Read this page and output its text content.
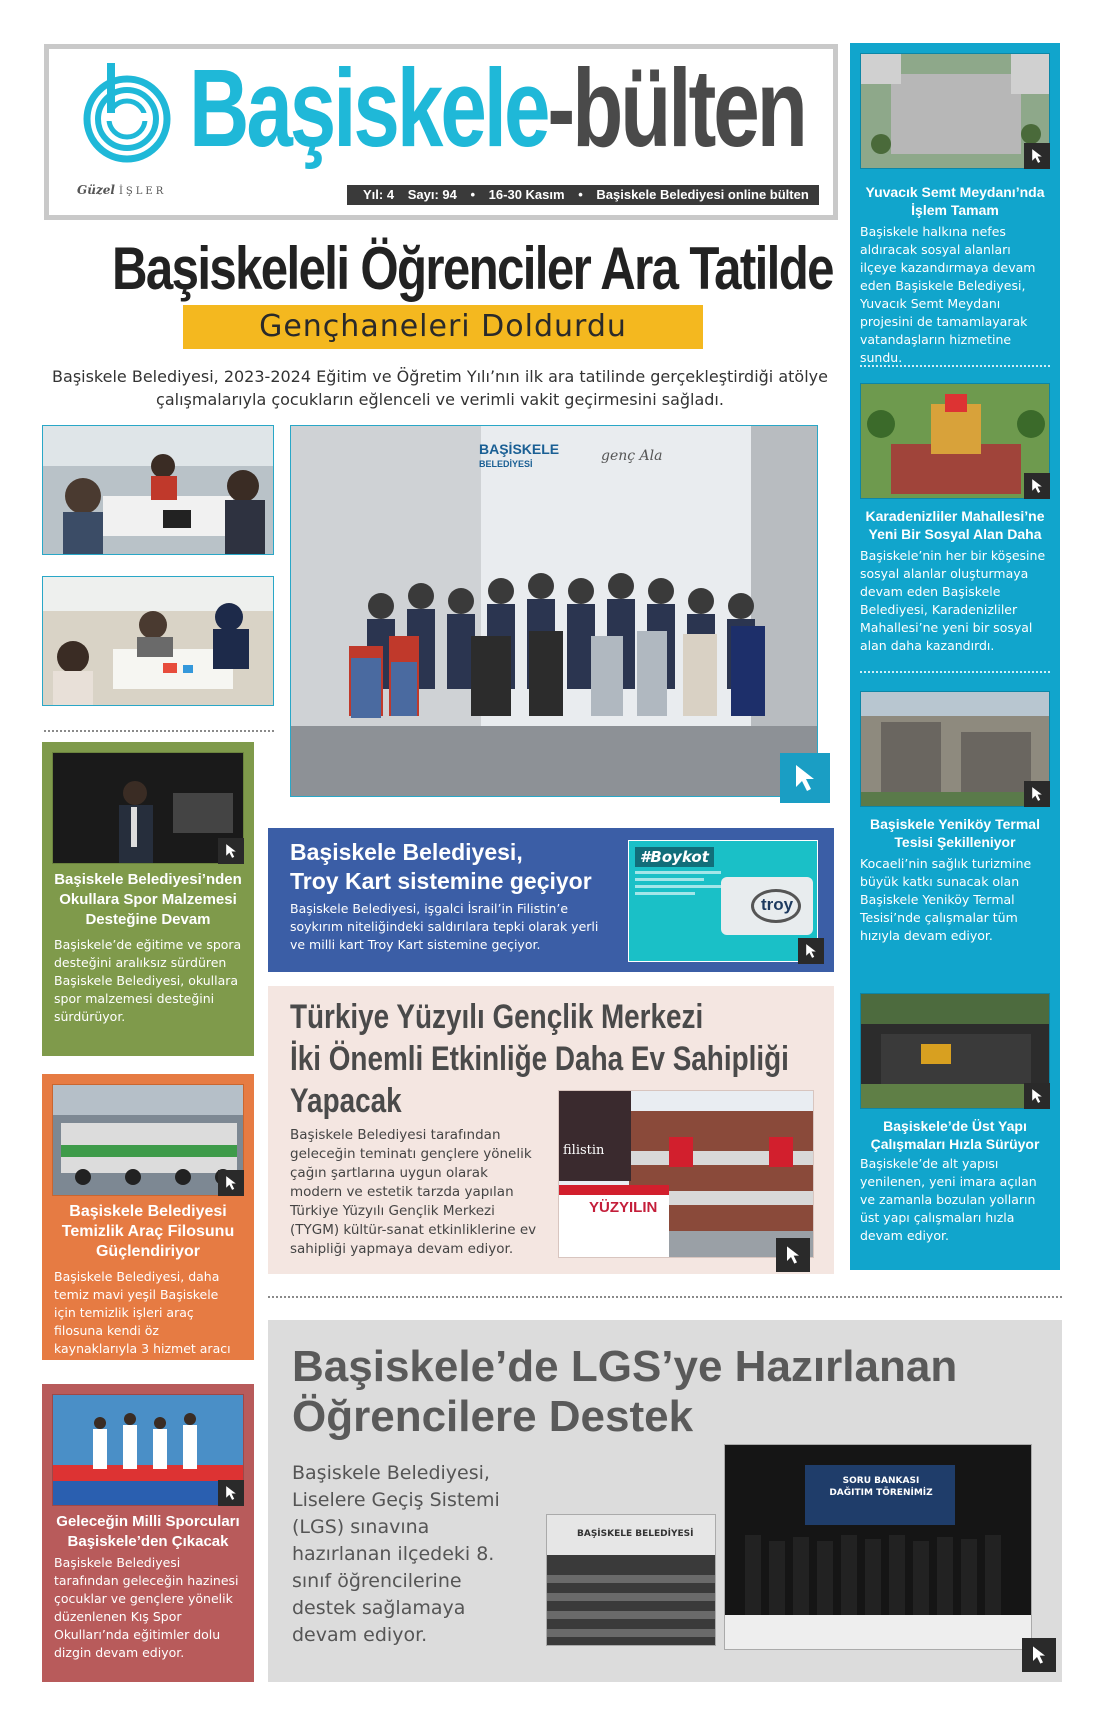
Güzel İŞLER
Başiskele-bülten
Yıl: 4 Sayı: 94 • 16-30 Kasım • Başiskele Belediyesi online bülten
Başiskeleli Öğrenciler Ara Tatilde
Gençhaneleri Doldurdu
Başiskele Belediyesi, 2023-2024 Eğitim ve Öğretim Yılı’nın ilk ara tatilinde gerçekleştirdiği atölye çalışmalarıyla çocukların eğlenceli ve verimli vakit geçirmesini sağladı.
BAŞİSKELE
BELEDİYESİ	genç Ala
Başiskele Belediyesi’nden Okullara Spor Malzemesi Desteğine Devam
Başiskele’de eğitime ve spora desteğini aralıksız sürdüren Başiskele Belediyesi, okullara spor malzemesi desteğini sürdürüyor.
Başiskele Belediyesi Temizlik Araç Filosunu Güçlendiriyor
Başiskele Belediyesi, daha temiz mavi yeşil Başiskele için temizlik işleri araç filosuna kendi öz kaynaklarıyla 3 hizmet aracı daha kattı.
Geleceğin Milli Sporcuları Başiskele’den Çıkacak
Başiskele Belediyesi tarafından geleceğin hazinesi çocuklar ve gençlere yönelik düzenlenen Kış Spor Okulları’nda eğitimler dolu dizgin devam ediyor.
Başiskele Belediyesi,
Troy Kart sistemine geçiyor
Başiskele Belediyesi, işgalci İsrail’in Filistin’e soykırım niteliğindeki saldırılara tepki olarak yerli ve milli kart Troy Kart sistemine geçiyor.
#Boykot
troy
Türkiye Yüzyılı Gençlik Merkezi
İki Önemli Etkinliğe Daha Ev Sahipliği
Yapacak
Başiskele Belediyesi tarafından geleceğin teminatı gençlere yönelik çağın şartlarına uygun olarak modern ve estetik tarzda yapılan Türkiye Yüzyılı Gençlik Merkezi (TYGM) kültür-sanat etkinliklerine ev sahipliği yapmaya devam ediyor.
filistin
YÜZYILIN
Başiskele’de LGS’ye Hazırlanan
Öğrencilere Destek
Başiskele Belediyesi, Liselere Geçiş Sistemi (LGS) sınavına hazırlanan ilçedeki 8. sınıf öğrencilerine destek sağlamaya devam ediyor.
BAŞİSKELE BELEDİYESİ
SORU BANKASI DAĞITIM TÖRENİMİZ
Yuvacık Semt Meydanı’nda İşlem Tamam
Başiskele halkına nefes aldıracak sosyal alanları ilçeye kazandırmaya devam eden Başiskele Belediyesi, Yuvacık Semt Meydanı projesini de tamamlayarak vatandaşların hizmetine sundu.
Karadenizliler Mahallesi’ne Yeni Bir Sosyal Alan Daha
Başiskele’nin her bir köşesine sosyal alanlar oluşturmaya devam eden Başiskele Belediyesi, Karadenizliler Mahallesi’ne yeni bir sosyal alan daha kazandırdı.
Başiskele Yeniköy Termal Tesisi Şekilleniyor
Kocaeli’nin sağlık turizmine büyük katkı sunacak olan Başiskele Yeniköy Termal Tesisi’nde çalışmalar tüm hızıyla devam ediyor.
Başiskele’de Üst Yapı Çalışmaları Hızla Sürüyor
Başiskele’de alt yapısı yenilenen, yeni imara açılan ve zamanla bozulan yolların üst yapı çalışmaları hızla devam ediyor.
